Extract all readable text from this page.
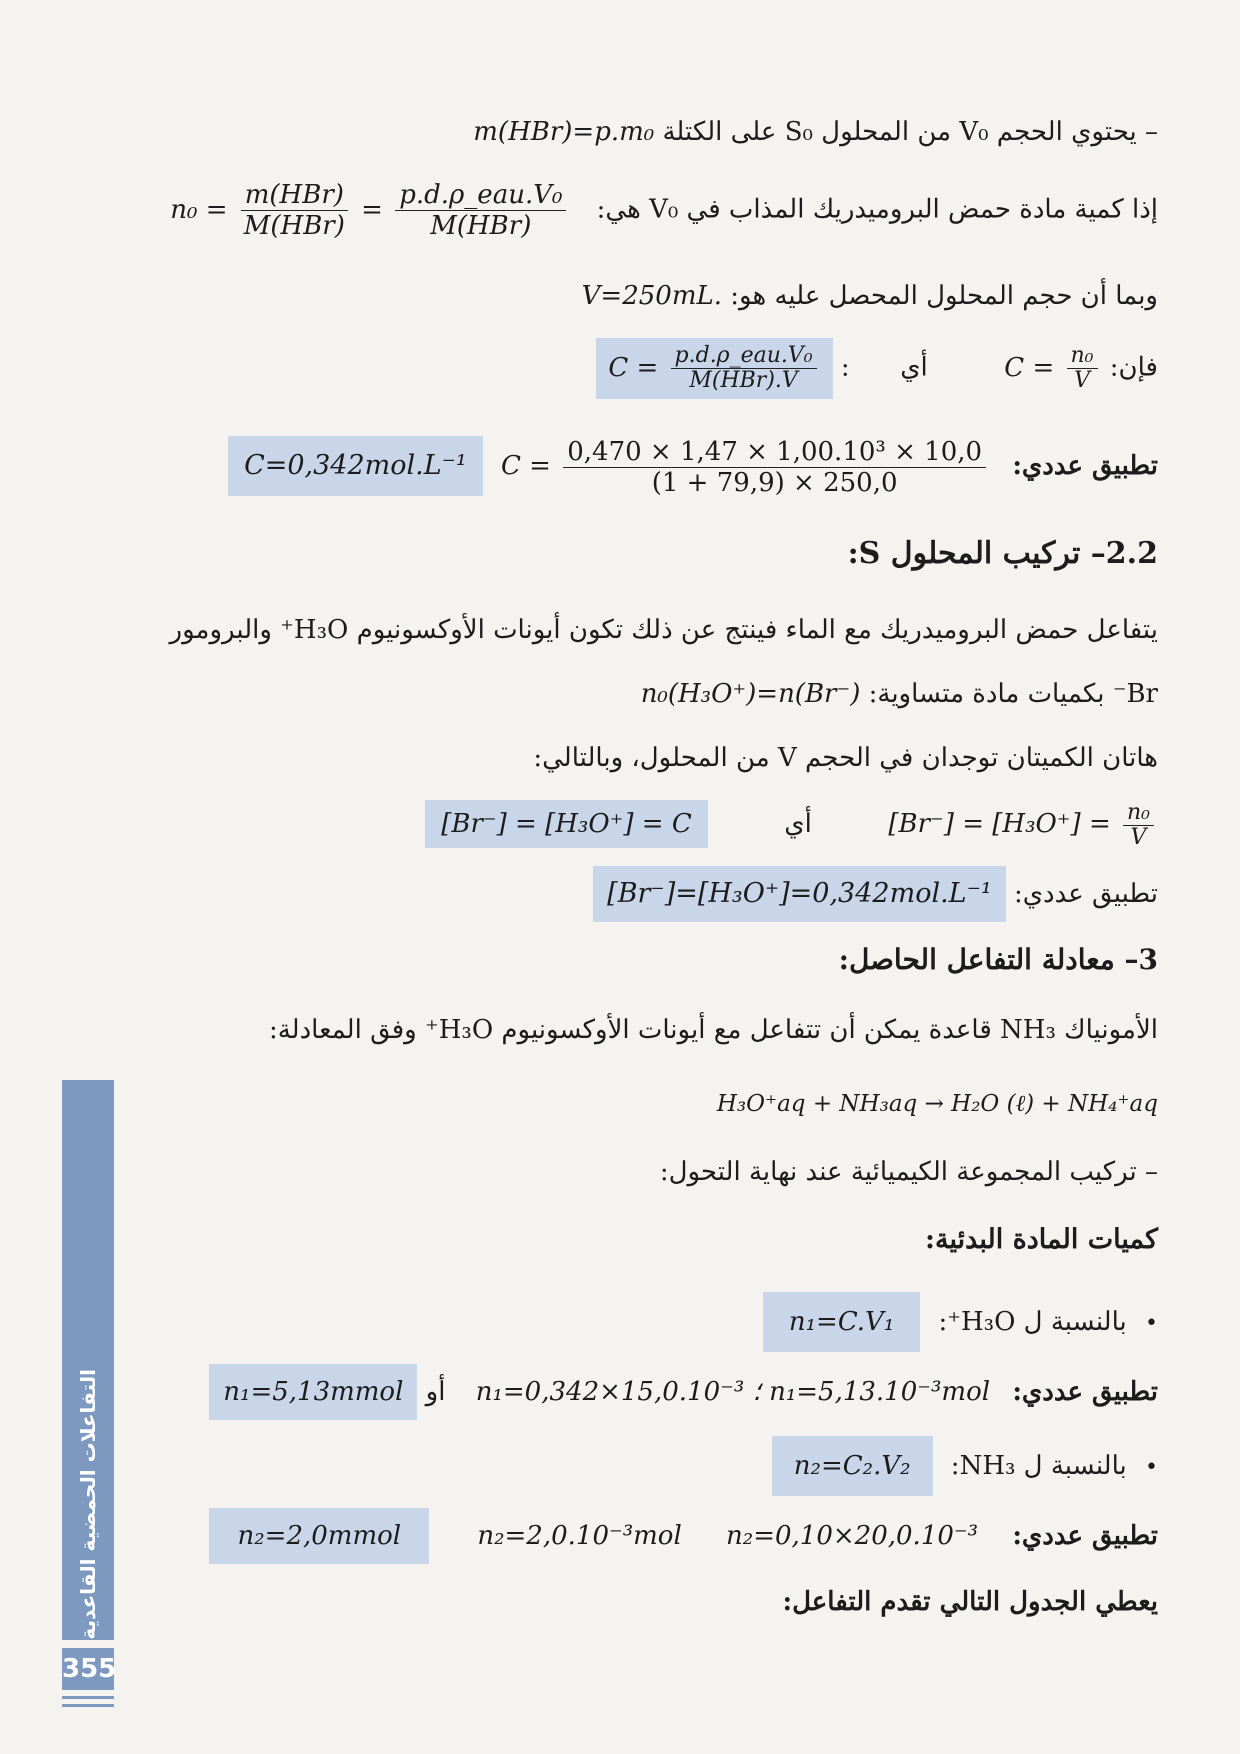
– يحتوي الحجم V₀ من المحلول S₀ على الكتلة m(HBr)=p.m₀
إذا كمية مادة حمض البروميدريك المذاب في V₀ هي: $n_0 = \frac{\text{m(HBr)}}{\text{M(HBr)}} = \frac{\text{p.d.ρ\_eau.V₀}}{\text{M(HBr)}}$
وبما أن حجم المحلول المحصل عليه هو: V=250mL.
فإن: $C = \frac{\text{n₀}}{V}$
أي  : $C = \frac{\text{p.d.ρ\_eau.V₀}}{\text{M(HBr).V}}$
تطبيق عددي: C=0,342mol.L⁻¹ $C = \frac{\text{0,470 × 1,47 × 1,00.10³ × 10,0}}{(1 + 79,9) \times 250,0}$
2.2– تركيب المحلول S:
يتفاعل حمض البروميدريك مع الماء فينتج عن ذلك تكون أيونات الأوكسونيوم H₃O⁺ والبرومور
Br⁻ بكميات مادة متساوية: n₀(H₃O⁺)=n(Br⁻)
هاتان الكميتان توجدان في الحجم V من المحلول، وبالتالي:
$[Br^-] = [H_3O^+] = \frac{\text{n₀}}{V}$
أي  [Br⁻] = [H₃O⁺] = C
تطبيق عددي: [Br⁻]=[H₃O⁺]=0,342mol.L⁻¹
3– معادلة التفاعل الحاصل:
الأمونياك NH₃ قاعدة يمكن أن تتفاعل مع أيونات الأوكسونيوم H₃O⁺ وفق المعادلة:
H₃O⁺aq + NH₃aq → H₂O (ℓ) + NH₄⁺aq
– تركيب المجموعة الكيميائية عند نهاية التحول:
كميات المادة البدئية:
• بالنسبة ل H₃O⁺: n₁=C.V₁
تطبيق عددي: n₁=0,342×15,0.10⁻³ ؛ n₁=5,13.10⁻³mol أو n₁=5,13mmol
• بالنسبة ل NH₃: n₂=C₂.V₂
تطبيق عددي: n₂=0,10×20,0.10⁻³ n₂=2,0.10⁻³mol n₂=2,0mmol
يعطي الجدول التالي تقدم التفاعل:
التفاعلات الحمضية القاعدية
355
